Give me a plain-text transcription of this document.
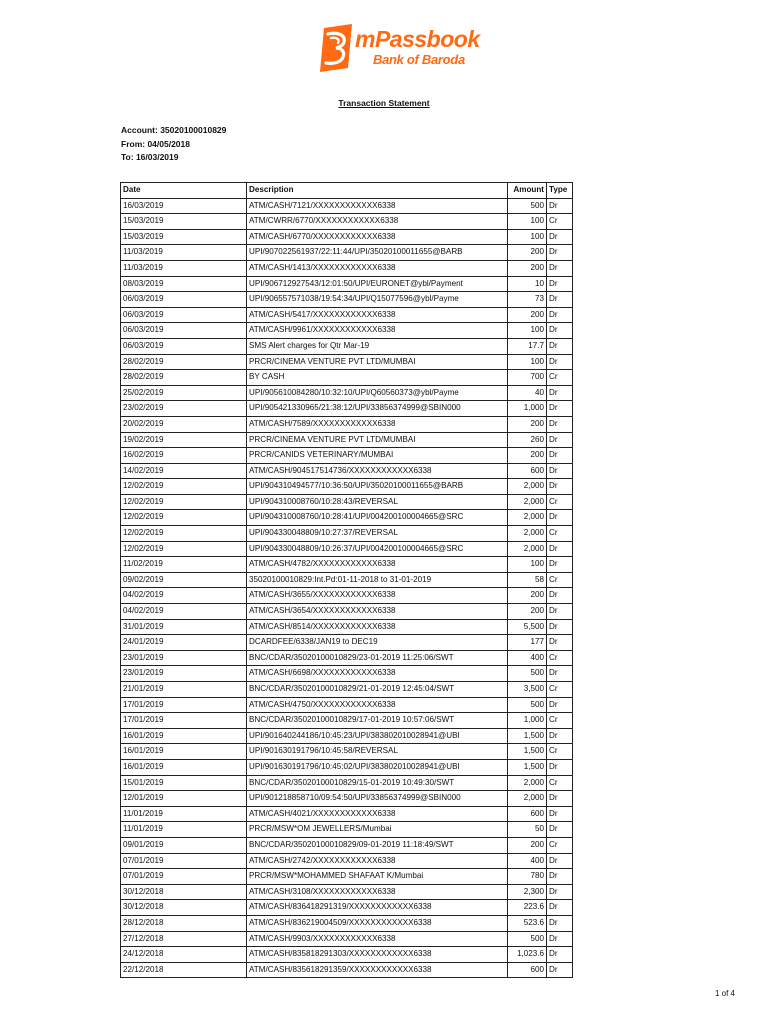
mPassbook
Bank of Baroda
Transaction Statement
Account: 35020100010829
From: 04/05/2018
To: 16/03/2019
Date	Description	Amount	Type
16/03/2019	ATM/CASH/7121/XXXXXXXXXXXX6338	500	Dr
15/03/2019	ATM/CWRR/6770/XXXXXXXXXXXX6338	100	Cr
15/03/2019	ATM/CASH/6770/XXXXXXXXXXXX6338	100	Dr
11/03/2019	UPI/907022561937/22:11:44/UPI/35020100011655@BARB	200	Dr
11/03/2019	ATM/CASH/1413/XXXXXXXXXXXX6338	200	Dr
08/03/2019	UPI/906712927543/12:01:50/UPI/EURONET@ybl/Payment	10	Dr
06/03/2019	UPI/906557571038/19:54:34/UPI/Q15077596@ybl/Payme	73	Dr
06/03/2019	ATM/CASH/5417/XXXXXXXXXXXX6338	200	Dr
06/03/2019	ATM/CASH/9961/XXXXXXXXXXXX6338	100	Dr
06/03/2019	SMS Alert charges for Qtr Mar-19	17.7	Dr
28/02/2019	PRCR/CINEMA VENTURE PVT LTD/MUMBAI	100	Dr
28/02/2019	BY CASH	700	Cr
25/02/2019	UPI/905610084280/10:32:10/UPI/Q60560373@ybl/Payme	40	Dr
23/02/2019	UPI/905421330965/21:38:12/UPI/33856374999@SBIN000	1,000	Dr
20/02/2019	ATM/CASH/7589/XXXXXXXXXXXX6338	200	Dr
19/02/2019	PRCR/CINEMA VENTURE PVT LTD/MUMBAI	260	Dr
16/02/2019	PRCR/CANIDS VETERINARY/MUMBAI	200	Dr
14/02/2019	ATM/CASH/904517514736/XXXXXXXXXXXX6338	600	Dr
12/02/2019	UPI/904310494577/10:36:50/UPI/35020100011655@BARB	2,000	Dr
12/02/2019	UPI/904310008760/10:28:43/REVERSAL	2,000	Cr
12/02/2019	UPI/904310008760/10:28:41/UPI/004200100004665@SRC	2,000	Dr
12/02/2019	UPI/904330048809/10:27:37/REVERSAL	2,000	Cr
12/02/2019	UPI/904330048809/10:26:37/UPI/004200100004665@SRC	2,000	Dr
11/02/2019	ATM/CASH/4782/XXXXXXXXXXXX6338	100	Dr
09/02/2019	35020100010829:Int.Pd:01-11-2018 to 31-01-2019	58	Cr
04/02/2019	ATM/CASH/3655/XXXXXXXXXXXX6338	200	Dr
04/02/2019	ATM/CASH/3654/XXXXXXXXXXXX6338	200	Dr
31/01/2019	ATM/CASH/8514/XXXXXXXXXXXX6338	5,500	Dr
24/01/2019	DCARDFEE/6338/JAN19 to DEC19	177	Dr
23/01/2019	BNC/CDAR/35020100010829/23-01-2019 11:25:06/SWT	400	Cr
23/01/2019	ATM/CASH/6698/XXXXXXXXXXXX6338	500	Dr
21/01/2019	BNC/CDAR/35020100010829/21-01-2019 12:45:04/SWT	3,500	Cr
17/01/2019	ATM/CASH/4750/XXXXXXXXXXXX6338	500	Dr
17/01/2019	BNC/CDAR/35020100010829/17-01-2019 10:57:06/SWT	1,000	Cr
16/01/2019	UPI/901640244186/10:45:23/UPI/383802010028941@UBI	1,500	Dr
16/01/2019	UPI/901630191796/10:45:58/REVERSAL	1,500	Cr
16/01/2019	UPI/901630191796/10:45:02/UPI/383802010028941@UBI	1,500	Dr
15/01/2019	BNC/CDAR/35020100010829/15-01-2019 10:49:30/SWT	2,000	Cr
12/01/2019	UPI/901218858710/09:54:50/UPI/33856374999@SBIN000	2,000	Dr
11/01/2019	ATM/CASH/4021/XXXXXXXXXXXX6338	600	Dr
11/01/2019	PRCR/MSW*OM JEWELLERS/Mumbai	50	Dr
09/01/2019	BNC/CDAR/35020100010829/09-01-2019 11:18:49/SWT	200	Cr
07/01/2019	ATM/CASH/2742/XXXXXXXXXXXX6338	400	Dr
07/01/2019	PRCR/MSW*MOHAMMED SHAFAAT K/Mumbai	780	Dr
30/12/2018	ATM/CASH/3108/XXXXXXXXXXXX6338	2,300	Dr
30/12/2018	ATM/CASH/836418291319/XXXXXXXXXXXX6338	223.6	Dr
28/12/2018	ATM/CASH/836219004509/XXXXXXXXXXXX6338	523.6	Dr
27/12/2018	ATM/CASH/9903/XXXXXXXXXXXX6338	500	Dr
24/12/2018	ATM/CASH/835818291303/XXXXXXXXXXXX6338	1,023.6	Dr
22/12/2018	ATM/CASH/835618291359/XXXXXXXXXXXX6338	600	Dr
1 of 4
